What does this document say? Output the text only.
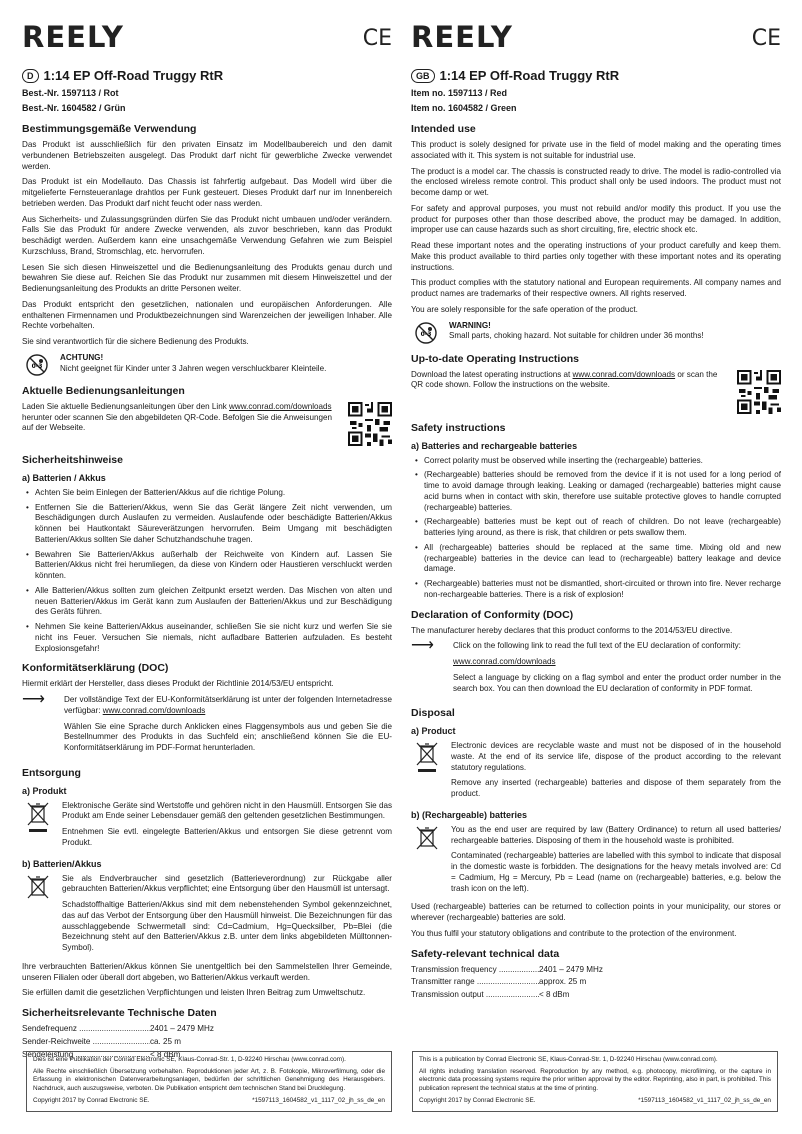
REELY	CE
D 1:14 EP Off-Road Truggy RtR
Best.-Nr. 1597113 / Rot
Best.-Nr. 1604582 / Grün
Bestimmungsgemäße Verwendung

Das Produkt ist ausschließlich für den privaten Einsatz im Modellbaubereich und den damit verbundenen Betriebszeiten ausgelegt. Das Produkt darf nicht für gewerbliche Zwecke verwendet werden.

Das Produkt ist ein Modellauto. Das Chassis ist fahrfertig aufgebaut. Das Modell wird über die mitgelieferte Fernsteueranlage drahtlos per Funk gesteuert. Dieses Produkt darf nur im Innenbereich betrieben werden. Das Produkt darf nicht feucht oder nass werden.

Aus Sicherheits- und Zulassungsgründen dürfen Sie das Produkt nicht umbauen und/oder verändern. Falls Sie das Produkt für andere Zwecke verwenden, als zuvor beschrieben, kann das Produkt beschädigt werden. Außerdem kann eine unsachgemäße Verwendung Gefahren wie zum Beispiel Kurzschluss, Brand, Stromschlag, etc. hervorrufen.

Lesen Sie sich diesen Hinweiszettel und die Bedienungsanleitung des Produkts genau durch und bewahren Sie diese auf. Reichen Sie das Produkt nur zusammen mit diesem Hinweiszettel und der Bedienungsanleitung des Produkts an dritte Personen weiter.

Das Produkt entspricht den gesetzlichen, nationalen und europäischen Anforderungen. Alle enthaltenen Firmennamen und Produktbezeichnungen sind Warenzeichen der jeweiligen Inhaber. Alle Rechte vorbehalten.

Sie sind verantwortlich für die sichere Bedienung des Produkts.

0-3
ACHTUNG!
Nicht geeignet für Kinder unter 3 Jahren wegen verschluckbarer Kleinteile.
Aktuelle Bedienungsanleitungen
Laden Sie aktuelle Bedienungsanleitungen über den Link www.conrad.com/downloads herunter oder scannen Sie den abgebildeten QR-Code. Befolgen Sie die Anweisungen auf der Webseite.
Sicherheitshinweise
a) Batterien / Akkus
• Achten Sie beim Einlegen der Batterien/Akkus auf die richtige Polung.
• Entfernen Sie die Batterien/Akkus, wenn Sie das Gerät längere Zeit nicht verwenden, um Beschädigungen durch Auslaufen zu vermeiden. Auslaufende oder beschädigte Batterien/Akkus können bei Hautkontakt Säureverätzungen hervorrufen. Beim Umgang mit beschädigten Batterien/Akkus sollten Sie daher Schutzhandschuhe tragen.
• Bewahren Sie Batterien/Akkus außerhalb der Reichweite von Kindern auf. Lassen Sie Batterien/Akkus nicht frei herumliegen, da diese von Kindern oder Haustieren verschluckt werden könnten.
• Alle Batterien/Akkus sollten zum gleichen Zeitpunkt ersetzt werden. Das Mischen von alten und neuen Batterien/Akkus im Gerät kann zum Auslaufen der Batterien/Akkus und zur Beschädigung des Geräts führen.
• Nehmen Sie keine Batterien/Akkus auseinander, schließen Sie sie nicht kurz und werfen Sie sie nicht ins Feuer. Versuchen Sie niemals, nicht aufladbare Batterien aufzuladen. Es besteht Explosionsgefahr!
Konformitätserklärung (DOC)

Hiermit erklärt der Hersteller, dass dieses Produkt der Richtlinie 2014/53/EU entspricht.

⟶	Der vollständige Text der EU-Konformitätserklärung ist unter der folgenden Internetadresse verfügbar: www.conrad.com/downloads

Wählen Sie eine Sprache durch Anklicken eines Flaggensymbols aus und geben Sie die Bestellnummer des Produkts in das Suchfeld ein; anschließend können Sie die EU-Konformitätserklärung im PDF-Format herunterladen.

Entsorgung
a) Produkt

Elektronische Geräte sind Wertstoffe und gehören nicht in den Hausmüll. Entsorgen Sie das Produkt am Ende seiner Lebensdauer gemäß den geltenden gesetzlichen Bestimmungen.

Entnehmen Sie evtl. eingelegte Batterien/Akkus und entsorgen Sie diese getrennt vom Produkt.

b) Batterien/Akkus

Sie als Endverbraucher sind gesetzlich (Batterieverordnung) zur Rückgabe aller gebrauchten Batterien/Akkus verpflichtet; eine Entsorgung über den Hausmüll ist untersagt.

Schadstoffhaltige Batterien/Akkus sind mit dem nebenstehenden Symbol gekennzeichnet, das auf das Verbot der Entsorgung über den Hausmüll hinweist. Die Bezeichnungen für das ausschlaggebende Schwermetall sind: Cd=Cadmium, Hg=Quecksilber, Pb=Blei (die Bezeichnung steht auf den Batterien/Akkus z.B. unter dem links abgebildeten Mülltonnen-Symbol).

Ihre verbrauchten Batterien/Akkus können Sie unentgeltlich bei den Sammelstellen Ihrer Gemeinde, unseren Filialen oder überall dort abgeben, wo Batterien/Akkus verkauft werden.

Sie erfüllen damit die gesetzlichen Verpflichtungen und leisten Ihren Beitrag zum Umweltschutz.

Sicherheitsrelevante Technische Daten
Sendefrequenz .....	2401 – 2479 MHz
Sender-Reichweite .....	ca. 25 m
Sendeleistung .....	< 8 dBm
REELY	CE
GB 1:14 EP Off-Road Truggy RtR
Item no. 1597113 / Red
Item no. 1604582 / Green
Intended use

This product is solely designed for private use in the field of model making and the operating times associated with it. This system is not suitable for industrial use.

The product is a model car. The chassis is constructed ready to drive. The model is radio-controlled via the enclosed wireless remote control. This product shall only be used indoors. The product must not become damp or wet.

For safety and approval purposes, you must not rebuild and/or modify this product. If you use the product for purposes other than those described above, the product may be damaged. In addition, improper use can cause hazards such as short circuiting, fire, electric shock etc.

Read these important notes and the operating instructions of your product carefully and keep them. Make this product available to third parties only together with these important notes and its operating instructions.

This product complies with the statutory national and European requirements. All company names and product names are trademarks of their respective owners. All rights reserved.

You are solely responsible for the safe operation of the product.

0-3
WARNING!
Small parts, choking hazard. Not suitable for children under 36 months!
Up-to-date Operating Instructions
Download the latest operating instructions at www.conrad.com/downloads or scan the QR code shown. Follow the instructions on the website.
Safety instructions
a) Batteries and rechargeable batteries
• Correct polarity must be observed while inserting the (rechargeable) batteries.
• (Rechargeable) batteries should be removed from the device if it is not used for a long period of time to avoid damage through leaking. Leaking or damaged (rechargeable) batteries might cause acid burns when in contact with skin, therefore use suitable protective gloves to handle corrupted (rechargeable) batteries.
• (Rechargeable) batteries must be kept out of reach of children. Do not leave (rechargeable) batteries lying around, as there is risk, that children or pets swallow them.
• All (rechargeable) batteries should be replaced at the same time. Mixing old and new (rechargeable) batteries in the device can lead to (rechargeable) battery leakage and device damage.
• (Rechargeable) batteries must not be dismantled, short-circuited or thrown into fire. Never recharge non-rechargeable batteries. There is a risk of explosion!
Declaration of Conformity (DOC)

The manufacturer hereby declares that this product conforms to the 2014/53/EU directive.

⟶	Click on the following link to read the full text of the EU declaration of conformity:

www.conrad.com/downloads

Select a language by clicking on a flag symbol and enter the product order number in the search box. You can then download the EU declaration of conformity in PDF format.

Disposal
a) Product

Electronic devices are recyclable waste and must not be disposed of in the household waste. At the end of its service life, dispose of the product according to the relevant statutory regulations.

Remove any inserted (rechargeable) batteries and dispose of them separately from the product.

b) (Rechargeable) batteries

You as the end user are required by law (Battery Ordinance) to return all used batteries/ rechargeable batteries. Disposing of them in the household waste is prohibited.

Contaminated (rechargeable) batteries are labelled with this symbol to indicate that disposal in the domestic waste is forbidden. The designations for the heavy metals involved are: Cd = Cadmium, Hg = Mercury, Pb = Lead (name on (rechargeable) batteries, e.g. below the trash icon on the left).

Used (rechargeable) batteries can be returned to collection points in your municipality, our stores or wherever (rechargeable) batteries are sold.

You thus fulfil your statutory obligations and contribute to the protection of the environment.

Safety-relevant technical data
Transmission frequency .....	2401 – 2479 MHz
Transmitter range .....	approx. 25 m
Transmission output .....	< 8 dBm

Dies ist eine Publikation der Conrad Electronic SE, Klaus-Conrad-Str. 1, D-92240 Hirschau (www.conrad.com).

Alle Rechte einschließlich Übersetzung vorbehalten. Reproduktionen jeder Art, z. B. Fotokopie, Mikroverfilmung, oder die Erfassung in elektronischen Datenverarbeitungsanlagen, bedürfen der schriftlichen Genehmigung des Herausgebers. Nachdruck, auch auszugsweise, verboten. Die Publikation entspricht dem technischen Stand bei Drucklegung.

Copyright 2017 by Conrad Electronic SE.	*1597113_1604582_v1_1117_02_jh_ss_de_en

This is a publication by Conrad Electronic SE, Klaus-Conrad-Str. 1, D-92240 Hirschau (www.conrad.com).

All rights including translation reserved. Reproduction by any method, e.g. photocopy, microfilming, or the capture in electronic data processing systems require the prior written approval by the editor. Reprinting, also in part, is prohibited. This publication represent the technical status at the time of printing.

Copyright 2017 by Conrad Electronic SE.	*1597113_1604582_v1_1117_02_jh_ss_de_en
